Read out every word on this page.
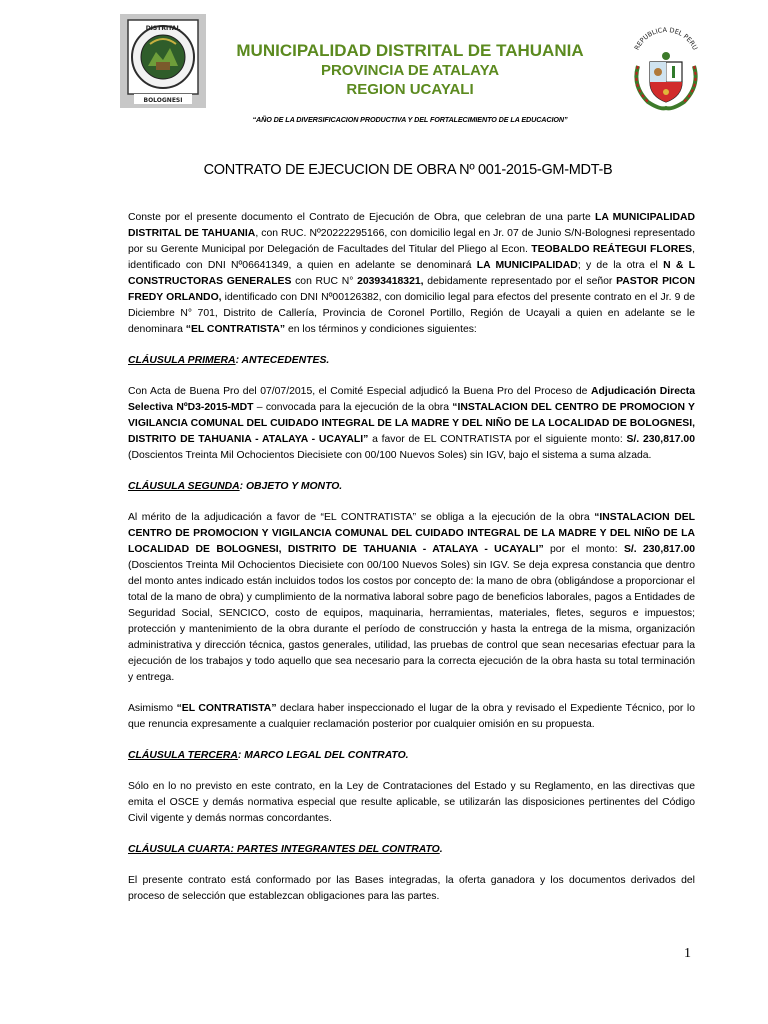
DISTRITAL
BOLOGNESI
MUNICIPALIDAD DISTRITAL DE TAHUANIA
PROVINCIA DE ATALAYA
REGION UCAYALI
REPUBLICA DEL PERU
“AÑO DE LA DIVERSIFICACION PRODUCTIVA Y DEL FORTALECIMIENTO DE LA EDUCACION”
CONTRATO DE EJECUCION DE OBRA Nº 001-2015-GM-MDT-B

Conste por el presente documento el Contrato de Ejecución de Obra, que celebran de una parte LA MUNICIPALIDAD DISTRITAL DE TAHUANIA, con RUC. Nº20222295166, con domicilio legal en Jr. 07 de Junio S/N-Bolognesi representado por su Gerente Municipal por Delegación de Facultades del Titular del Pliego al Econ. TEOBALDO REÁTEGUI FLORES, identificado con DNI Nº06641349, a quien en adelante se denominará LA MUNICIPALIDAD; y de la otra el N & L CONSTRUCTORAS GENERALES con RUC N° 20393418321, debidamente representado por el señor PASTOR PICON FREDY ORLANDO, identificado con DNI Nº00126382, con domicilio legal para efectos del presente contrato en el Jr. 9 de Diciembre N° 701, Distrito de Callería, Provincia de Coronel Portillo, Región de Ucayali a quien en adelante se le denominara “EL CONTRATISTA” en los términos y condiciones siguientes:

CLÁUSULA PRIMERA: ANTECEDENTES.

Con Acta de Buena Pro del 07/07/2015, el Comité Especial adjudicó la Buena Pro del Proceso de Adjudicación Directa Selectiva NºD3-2015-MDT – convocada para la ejecución de la obra “INSTALACION DEL CENTRO DE PROMOCION Y VIGILANCIA COMUNAL DEL CUIDADO INTEGRAL DE LA MADRE Y DEL NIÑO DE LA LOCALIDAD DE BOLOGNESI, DISTRITO DE TAHUANIA - ATALAYA - UCAYALI” a favor de EL CONTRATISTA por el siguiente monto: S/. 230,817.00 (Doscientos Treinta Mil Ochocientos Diecisiete con 00/100 Nuevos Soles) sin IGV, bajo el sistema a suma alzada.

CLÁUSULA SEGUNDA: OBJETO Y MONTO.

Al mérito de la adjudicación a favor de “EL CONTRATISTA” se obliga a la ejecución de la obra “INSTALACION DEL CENTRO DE PROMOCION Y VIGILANCIA COMUNAL DEL CUIDADO INTEGRAL DE LA MADRE Y DEL NIÑO DE LA LOCALIDAD DE BOLOGNESI, DISTRITO DE TAHUANIA - ATALAYA - UCAYALI” por el monto: S/. 230,817.00 (Doscientos Treinta Mil Ochocientos Diecisiete con 00/100 Nuevos Soles) sin IGV. Se deja expresa constancia que dentro del monto antes indicado están incluidos todos los costos por concepto de: la mano de obra (obligándose a proporcionar el total de la mano de obra) y cumplimiento de la normativa laboral sobre pago de beneficios laborales, pagos a Entidades de Seguridad Social, SENCICO, costo de equipos, maquinaria, herramientas, materiales, fletes, seguros e impuestos; protección y mantenimiento de la obra durante el período de construcción y hasta la entrega de la misma, organización administrativa y dirección técnica, gastos generales, utilidad, las pruebas de control que sean necesarias efectuar para la ejecución de los trabajos y todo aquello que sea necesario para la correcta ejecución de la obra hasta su total terminación y entrega.

Asimismo “EL CONTRATISTA” declara haber inspeccionado el lugar de la obra y revisado el Expediente Técnico, por lo que renuncia expresamente a cualquier reclamación posterior por cualquier omisión en su propuesta.

CLÁUSULA TERCERA: MARCO LEGAL DEL CONTRATO.

Sólo en lo no previsto en este contrato, en la Ley de Contrataciones del Estado y su Reglamento, en las directivas que emita el OSCE y demás normativa especial que resulte aplicable, se utilizarán las disposiciones pertinentes del Código Civil vigente y demás normas concordantes.

CLÁUSULA CUARTA: PARTES INTEGRANTES DEL CONTRATO.

El presente contrato está conformado por las Bases integradas, la oferta ganadora y los documentos derivados del proceso de selección que establezcan obligaciones para las partes.

1
